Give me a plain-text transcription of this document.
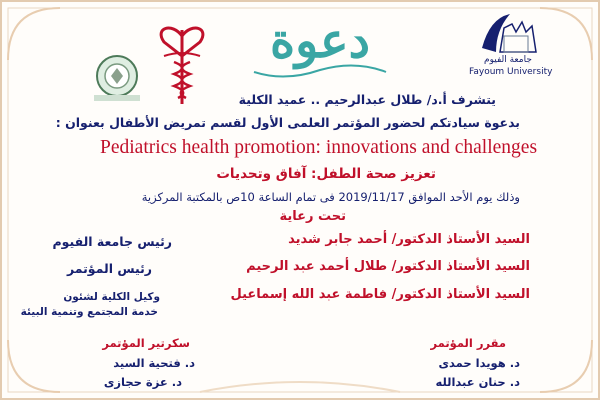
دعوة	جامعة الفيوم
Fayoum University
يتشرف أ.د/ طلال عبدالرحيم .. عميد الكلية
بدعوة سيادتكم لحضور المؤتمر العلمى الأول لقسم تمريض الأطفال بعنوان :
Pediatrics health promotion: innovations and challenges
تعزيز صحة الطفل: آفاق وتحديات
وذلك يوم الأحد الموافق 2019/11/17 فى تمام الساعة 10ص بالمكتبة المركزية
تحت رعاية
السيد الأستاذ الدكتور/ أحمد جابر شديد
رئيس جامعة الفيوم
السيد الأستاذ الدكتور/ طلال أحمد عبد الرحيم
رئيس المؤتمر
السيد الأستاذ الدكتور/ فاطمة عبد الله إسماعيل
وكيل الكلية لشئون
خدمة المجتمع وتنمية البيئة
سكرتير المؤتمر
د. فتحية السيد
د. عزة حجازى
مقرر المؤتمر
د. هويدا حمدى
د. حنان عبدالله
